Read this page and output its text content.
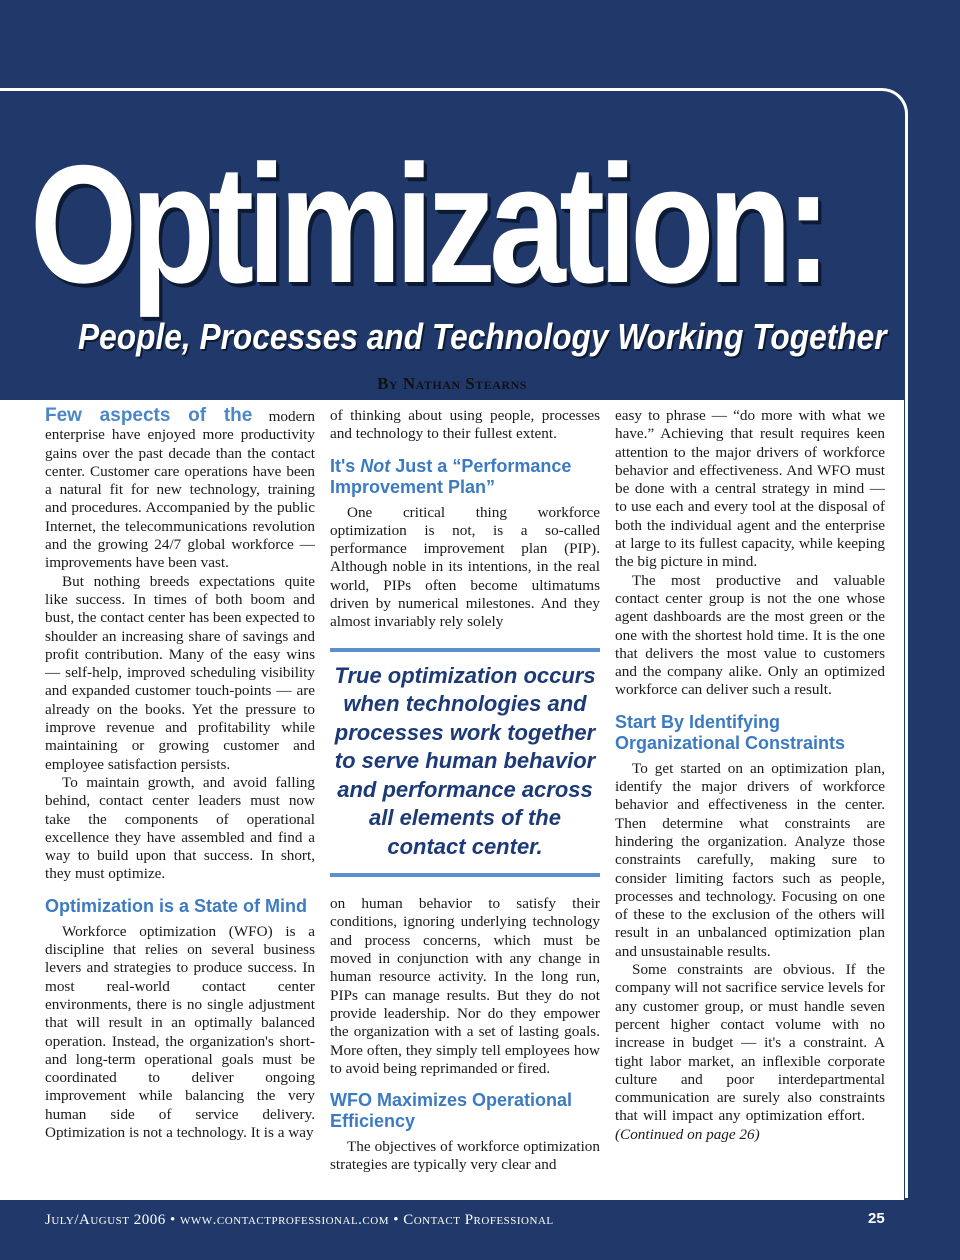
Optimization:
People, Processes and Technology Working Together
By Nathan Stearns

Few aspects of the modern enterprise have enjoyed more productivity gains over the past decade than the contact center. Customer care operations have been a natural fit for new technology, training and procedures. Accompanied by the public Internet, the telecommunications revolution and the growing 24/7 global workforce — improvements have been vast.

But nothing breeds expectations quite like success. In times of both boom and bust, the contact center has been expected to shoulder an increasing share of savings and profit contribution. Many of the easy wins — self-help, improved scheduling visibility and expanded customer touch-points — are already on the books. Yet the pressure to improve revenue and profitability while maintaining or growing customer and employee satisfaction persists.

To maintain growth, and avoid falling behind, contact center leaders must now take the components of operational excellence they have assembled and find a way to build upon that success. In short, they must optimize.

Optimization is a State of Mind

Workforce optimization (WFO) is a discipline that relies on several business levers and strategies to produce success. In most real-world contact center environments, there is no single adjustment that will result in an optimally balanced operation. Instead, the organization's short- and long-term operational goals must be coordinated to deliver ongoing improvement while balancing the very human side of service delivery. Optimization is not a technology. It is a way

of thinking about using people, processes and technology to their fullest extent.

It's Not Just a “Performance Improvement Plan”

One critical thing workforce optimization is not, is a so-called performance improvement plan (PIP). Although noble in its intentions, in the real world, PIPs often become ultimatums driven by numerical milestones. And they almost invariably rely solely

True optimization occurs
when technologies and
processes work together
to serve human behavior
and performance across
all elements of the
contact center.

on human behavior to satisfy their conditions, ignoring underlying technology and process concerns, which must be moved in conjunction with any change in human resource activity. In the long run, PIPs can manage results. But they do not provide leadership. Nor do they empower the organization with a set of lasting goals. More often, they simply tell employees how to avoid being reprimanded or fired.

WFO Maximizes Operational Efficiency

The objectives of workforce optimization strategies are typically very clear and

easy to phrase — “do more with what we have.” Achieving that result requires keen attention to the major drivers of workforce behavior and effectiveness. And WFO must be done with a central strategy in mind — to use each and every tool at the disposal of both the individual agent and the enterprise at large to its fullest capacity, while keeping the big picture in mind.

The most productive and valuable contact center group is not the one whose agent dashboards are the most green or the one with the shortest hold time. It is the one that delivers the most value to customers and the company alike. Only an optimized workforce can deliver such a result.

Start By Identifying Organizational Constraints

To get started on an optimization plan, identify the major drivers of workforce behavior and effectiveness in the center. Then determine what constraints are hindering the organization. Analyze those constraints carefully, making sure to consider limiting factors such as people, processes and technology. Focusing on one of these to the exclusion of the others will result in an unbalanced optimization plan and unsustainable results.

Some constraints are obvious. If the company will not sacrifice service levels for any customer group, or must handle seven percent higher contact volume with no increase in budget — it's a constraint. A tight labor market, an inflexible corporate culture and poor interdepartmental communication are surely also constraints that will impact any optimization effort.(Continued on page 26)

July/August 2006 • www.contactprofessional.com • Contact Professional	25
